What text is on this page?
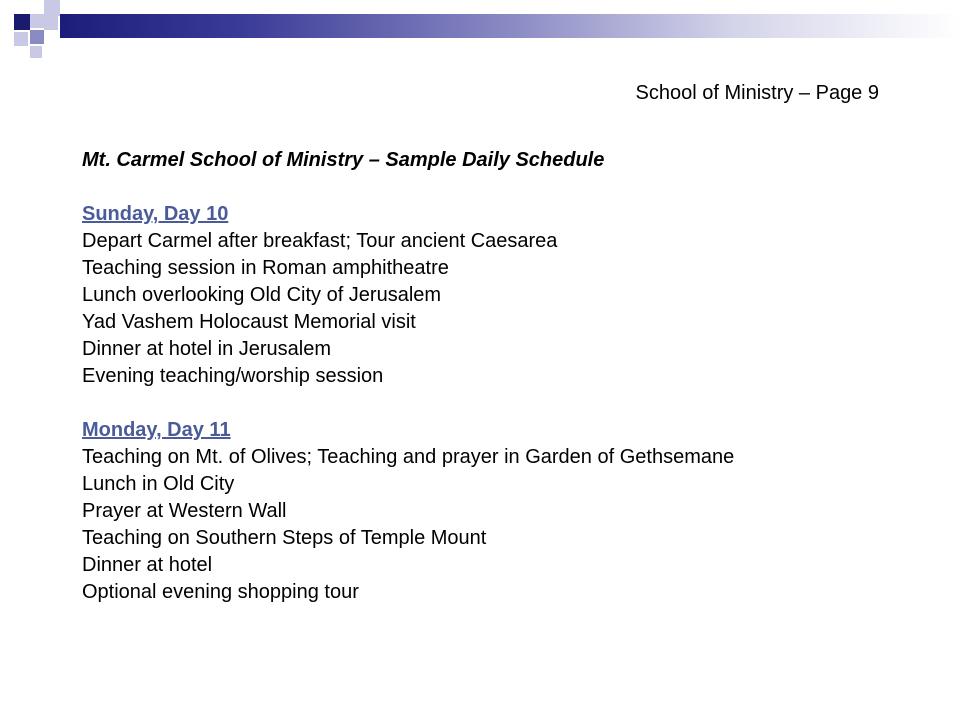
School of Ministry – Page 9

Mt. Carmel School of Ministry – Sample Daily Schedule

Sunday, Day 10

Depart Carmel after breakfast; Tour ancient Caesarea
Teaching session in Roman amphitheatre
Lunch overlooking Old City of Jerusalem
Yad Vashem Holocaust Memorial visit
Dinner at hotel in Jerusalem
Evening teaching/worship session

Monday, Day 11

Teaching on Mt. of Olives; Teaching and prayer in Garden of Gethsemane
Lunch in Old City
Prayer at Western Wall
Teaching on Southern Steps of Temple Mount
Dinner at hotel
Optional evening shopping tour
